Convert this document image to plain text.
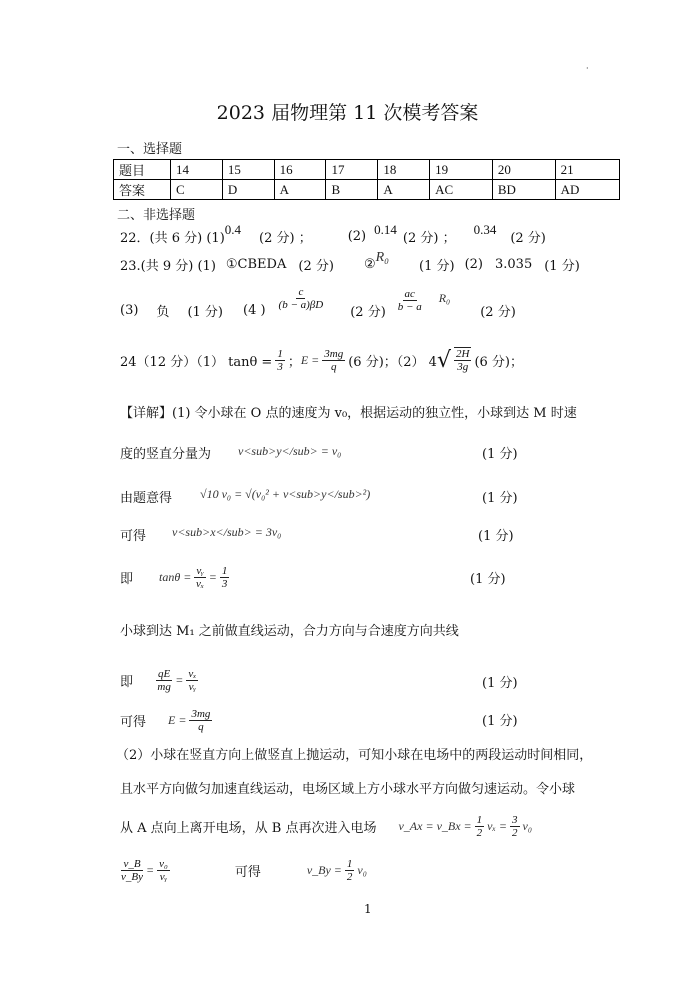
·
2023 届物理第 11 次模考答案
一、选择题
题目	14	15	16	17	18	19	20	21
答案	C	D	A	B	A	AC	BD	AD
二、非选择题
22．(共 6 分) (1)
0.4
(2 分) ；	(2) 0.14
(2 分) ；
0.34
(2 分)
23.(共 9 分) (1) ①CBEDA (2 分) ② R₀
(1 分) (2) 3.035 (1 分)
(3) 负 (1 分) (4 ) $\frac{c}{(b - a)\beta D}$
(2 分) $\frac{ac}{b - a} R_0$
(2 分)
24（12 分）（1） $\tan\theta = \frac{1}{3}$ ； $E = \frac{3mg}{q} (6$ 分)；（2） 4 √ $\frac{2H}{3g} (6$ 分)；
【详解】(1) 令小球在 O 点的速度为 v₀，根据运动的独立性，小球到达 M 时速
度的竖直分量为 v<sub>y</sub> = v₀	(1 分)
由题意得 √10 v₀ = √(v₀² + v<sub>y</sub>²)	(1 分)
可得 v<sub>x</sub> = 3v₀	(1 分)
即 $\tan\theta = \frac{\text{vᵧ}}{\text{vₓ}} = \frac{1}{3}$	(1 分)
小球到达 M₁ 之前做直线运动，合力方向与合速度方向共线
即 $\frac{qE}{mg} = \frac{\text{vₓ}}{\text{vᵧ}}$	(1 分)
可得 $E = \frac{3mg}{q}$	(1 分)
（2）小球在竖直方向上做竖直上抛运动，可知小球在电场中的两段运动时间相同，
且水平方向做匀加速直线运动，电场区域上方小球水平方向做匀速运动。令小球
从 A 点向上离开电场，从 B 点再次进入电场 v_Ax = v_Bx = $\frac{1}{2}$ $v_x = \frac{3}{2} v_0$
$\frac{v\_B}{v\_By} = \frac{\text{v₀}}{\text{vᵧ}}$	可得	v_By = $\frac{1}{2} v_0$
1
